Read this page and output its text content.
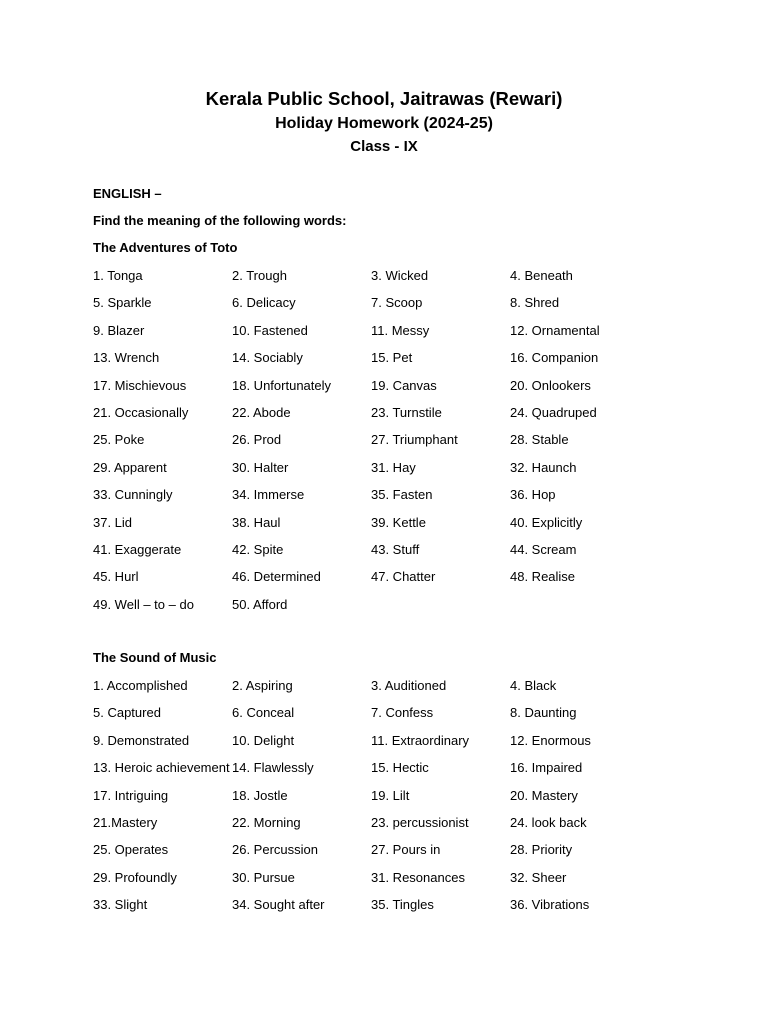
Kerala Public School, Jaitrawas (Rewari)
Holiday Homework (2024-25)
Class - IX
ENGLISH –
Find the meaning of the following words:
The Adventures of Toto
1. Tonga	2. Trough	3. Wicked	4. Beneath
5. Sparkle	6. Delicacy	7. Scoop	8. Shred
9. Blazer	10. Fastened	11. Messy	12. Ornamental
13. Wrench	14. Sociably	15. Pet	16. Companion
17. Mischievous	18. Unfortunately	19. Canvas	20. Onlookers
21. Occasionally	22. Abode	23. Turnstile	24. Quadruped
25. Poke	26. Prod	27. Triumphant	28. Stable
29. Apparent	30. Halter	31. Hay	32. Haunch
33. Cunningly	34. Immerse	35. Fasten	36. Hop
37. Lid	38. Haul	39. Kettle	40. Explicitly
41. Exaggerate	42. Spite	43. Stuff	44. Scream
45. Hurl	46. Determined	47. Chatter	48. Realise
49. Well – to – do	50. Afford
The Sound of Music
1. Accomplished	2. Aspiring	3. Auditioned	4. Black
5. Captured	6. Conceal	7. Confess	8. Daunting
9. Demonstrated	10. Delight	11. Extraordinary	12. Enormous
13. Heroic achievement 14. Flawlessly	15. Hectic	16. Impaired
17. Intriguing	18. Jostle	19. Lilt	20. Mastery
21.Mastery	22. Morning	23. percussionist	24. look back
25. Operates	26. Percussion	27. Pours in	28. Priority
29. Profoundly	30. Pursue	31. Resonances	32. Sheer
33. Slight	34. Sought after	35. Tingles	36. Vibrations
